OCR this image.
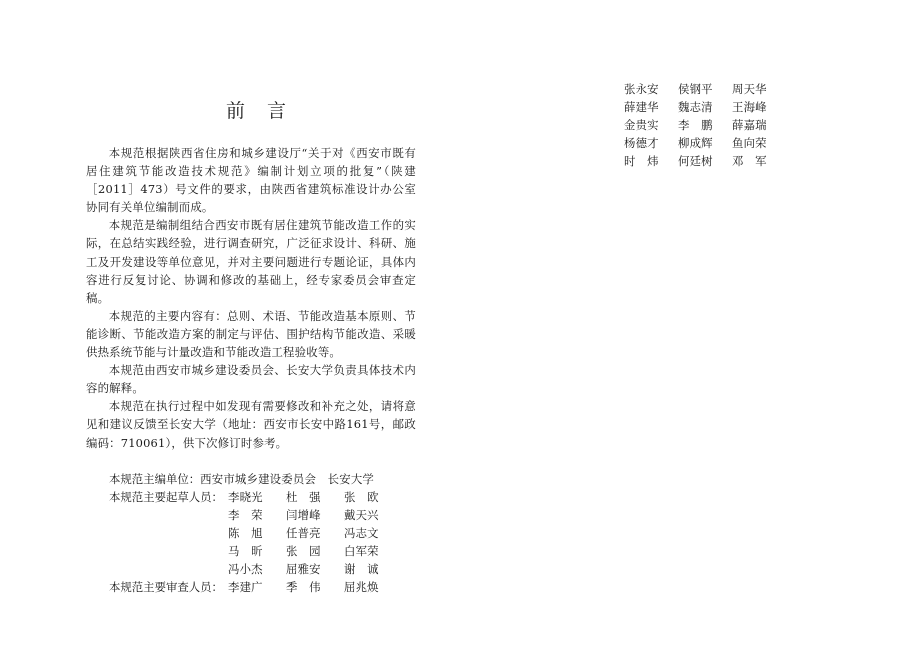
前 言

本规范根据陕西省住房和城乡建设厅“关于对《西安市既有居住建筑节能改造技术规范》编制计划立项的批复”（陕建［2011］473）号文件的要求，由陕西省建筑标准设计办公室协同有关单位编制而成。

本规范是编制组结合西安市既有居住建筑节能改造工作的实际，在总结实践经验，进行调查研究，广泛征求设计、科研、施工及开发建设等单位意见，并对主要问题进行专题论证，具体内容进行反复讨论、协调和修改的基础上，经专家委员会审查定稿。

本规范的主要内容有：总则、术语、节能改造基本原则、节能诊断、节能改造方案的制定与评估、围护结构节能改造、采暖供热系统节能与计量改造和节能改造工程验收等。

本规范由西安市城乡建设委员会、长安大学负责具体技术内容的解释。

本规范在执行过程中如发现有需要修改和补充之处，请将意见和建议反馈至长安大学（地址：西安市长安中路161号，邮政编码：710061），供下次修订时参考。

本规范主编单位： 西安市城乡建设委员会　长安大学
本规范主要起草人员： 李晓光	杜　强	张　欧
李　荣	闫增峰	戴天兴
陈　旭	任普亮	冯志文
马　昕	张　园	白军荣
冯小杰	屈雅安	谢　诚
本规范主要审查人员： 李建广	季　伟	屈兆焕
张永安	侯钢平	周天华
薛建华	魏志清	王海峰
金贵实	李　鹏	薛嘉瑞
杨德才	柳成辉	鱼向荣
时　炜	何廷树	邓　军
